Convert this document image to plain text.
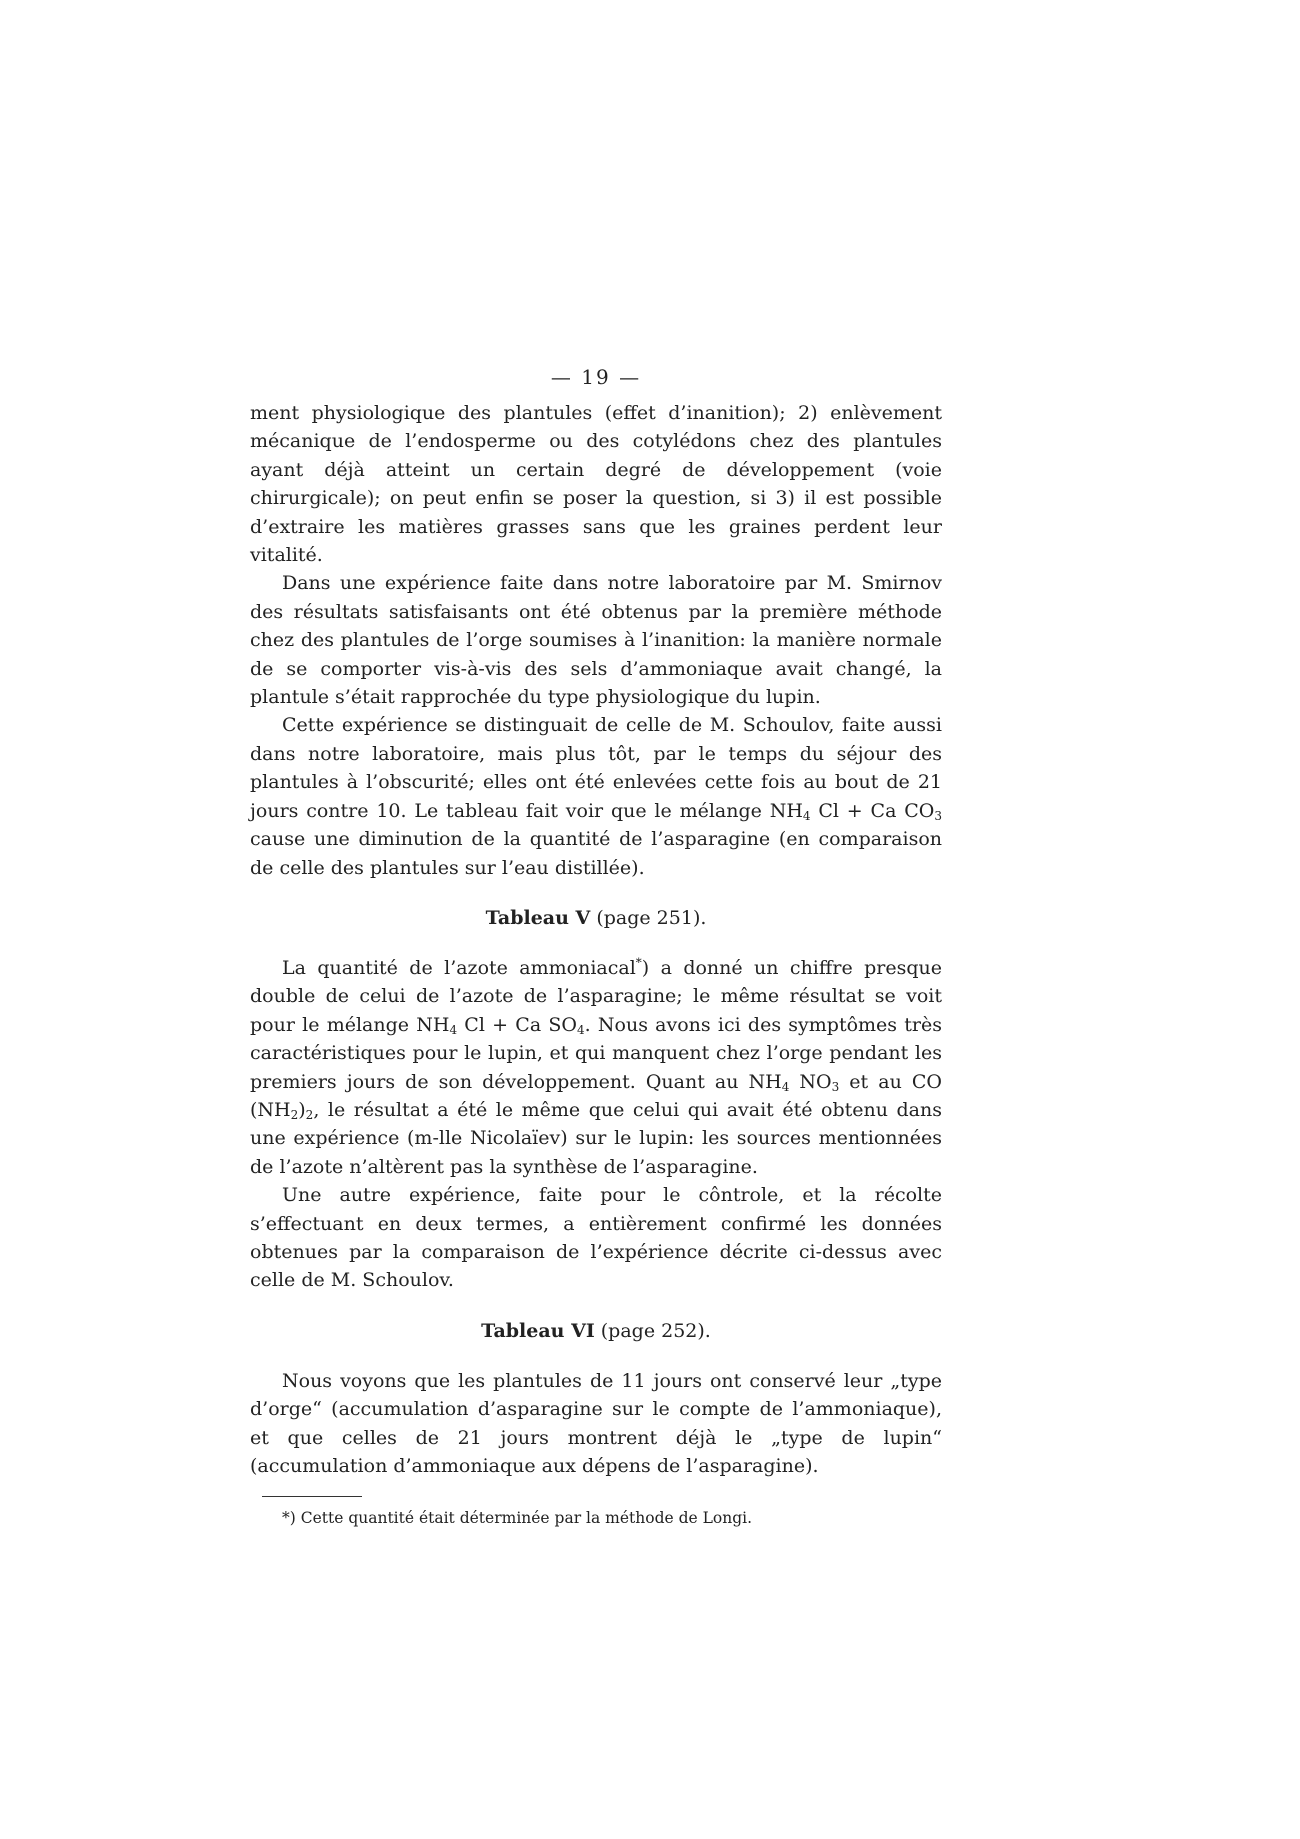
— 19 —

ment physiologique des plantules (effet d’inanition); 2) enlèvement mécanique de l’endosperme ou des cotylédons chez des plantules ayant déjà atteint un certain degré de développement (voie chirurgicale); on peut enfin se poser la question, si 3) il est possible d’extraire les matières grasses sans que les graines perdent leur vitalité.

Dans une expérience faite dans notre laboratoire par M. Smirnov des résultats satisfaisants ont été obtenus par la première méthode chez des plantules de l’orge soumises à l’inanition: la manière normale de se comporter vis-à-vis des sels d’ammoniaque avait changé, la plantule s’était rapprochée du type physiologique du lupin.

Cette expérience se distinguait de celle de M. Schoulov, faite aussi dans notre laboratoire, mais plus tôt, par le temps du séjour des plantules à l’obscurité; elles ont été enlevées cette fois au bout de 21 jours contre 10. Le tableau fait voir que le mélange $NH_4$ Cl + Ca $CO_3$ cause une diminution de la quantité de l’asparagine (en comparaison de celle des plantules sur l’eau distillée).

Tableau V (page 251).

La quantité de l’azote ammoniacal*) a donné un chiffre presque double de celui de l’azote de l’asparagine; le même résultat se voit pour le mélange $NH_4$ Cl + Ca $SO_4$. Nous avons ici des symptômes très caractéristiques pour le lupin, et qui manquent chez l’orge pendant les premiers jours de son développement. Quant au $NH_4$ $NO_3$ et au CO $(NH_2)_2$, le résultat a été le même que celui qui avait été obtenu dans une expérience (m-lle Nicolaïev) sur le lupin: les sources mentionnées de l’azote n’altèrent pas la synthèse de l’asparagine.

Une autre expérience, faite pour le côntrole, et la récolte s’effectuant en deux termes, a entièrement confirmé les données obtenues par la comparaison de l’expérience décrite ci-dessus avec celle de M. Schoulov.

Tableau VI (page 252).

Nous voyons que les plantules de 11 jours ont conservé leur „type d’orge“ (accumulation d’asparagine sur le compte de l’ammoniaque), et que celles de 21 jours montrent déjà le „type de lupin“ (accumulation d’ammoniaque aux dépens de l’asparagine).

*) Cette quantité était déterminée par la méthode de Longi.
